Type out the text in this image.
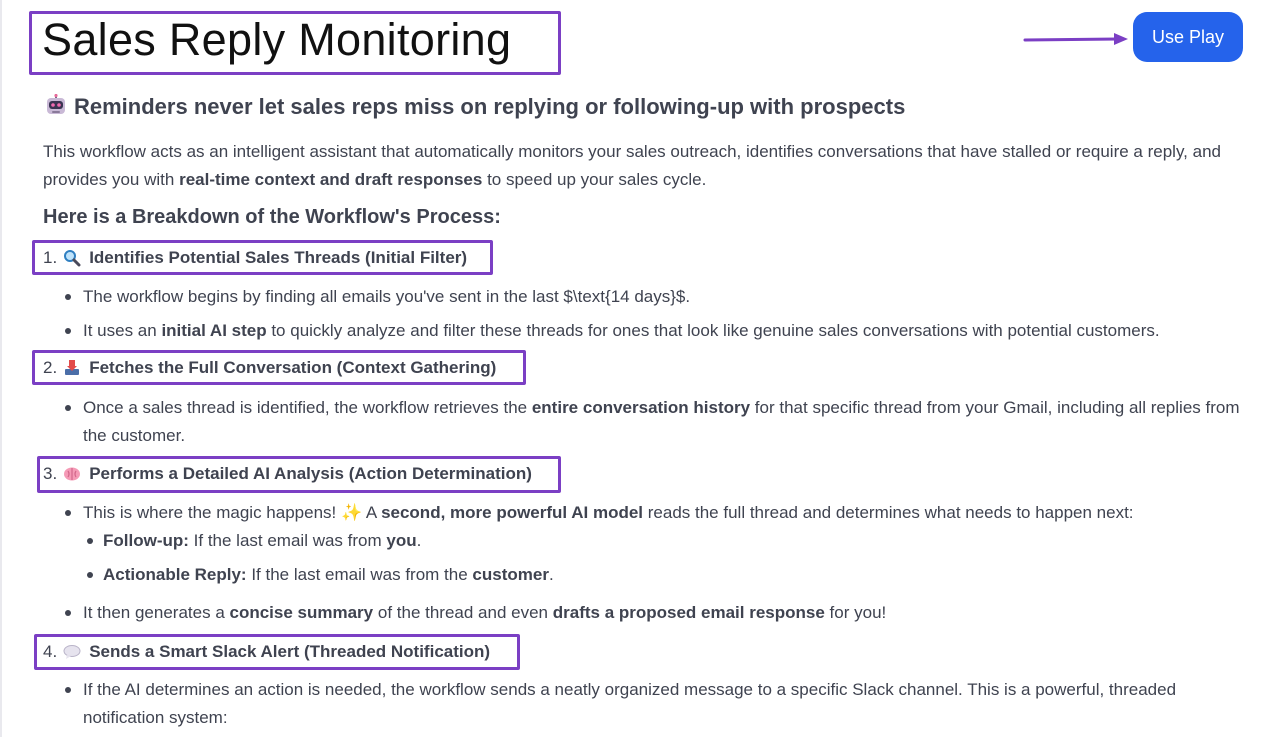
Sales Reply Monitoring	Use Play
Reminders never let sales reps miss on replying or following-up with prospects

This workflow acts as an intelligent assistant that automatically monitors your sales outreach, identifies conversations that have stalled or require a reply, and provides you with real-time context and draft responses to speed up your sales cycle.

Here is a Breakdown of the Workflow's Process:
1. Identifies Potential Sales Threads (Initial Filter)
The workflow begins by finding all emails you've sent in the last $\text{14 days}$.
It uses an initial AI step to quickly analyze and filter these threads for ones that look like genuine sales conversations with potential customers.
2. Fetches the Full Conversation (Context Gathering)
Once a sales thread is identified, the workflow retrieves the entire conversation history for that specific thread from your Gmail, including all replies from the customer.
3. Performs a Detailed AI Analysis (Action Determination)
This is where the magic happens! ✨ A second, more powerful AI model reads the full thread and determines what needs to happen next:
Follow-up: If the last email was from you.
Actionable Reply: If the last email was from the customer.
It then generates a concise summary of the thread and even drafts a proposed email response for you!
4. Sends a Smart Slack Alert (Threaded Notification)
If the AI determines an action is needed, the workflow sends a neatly organized message to a specific Slack channel. This is a powerful, threaded notification system:
